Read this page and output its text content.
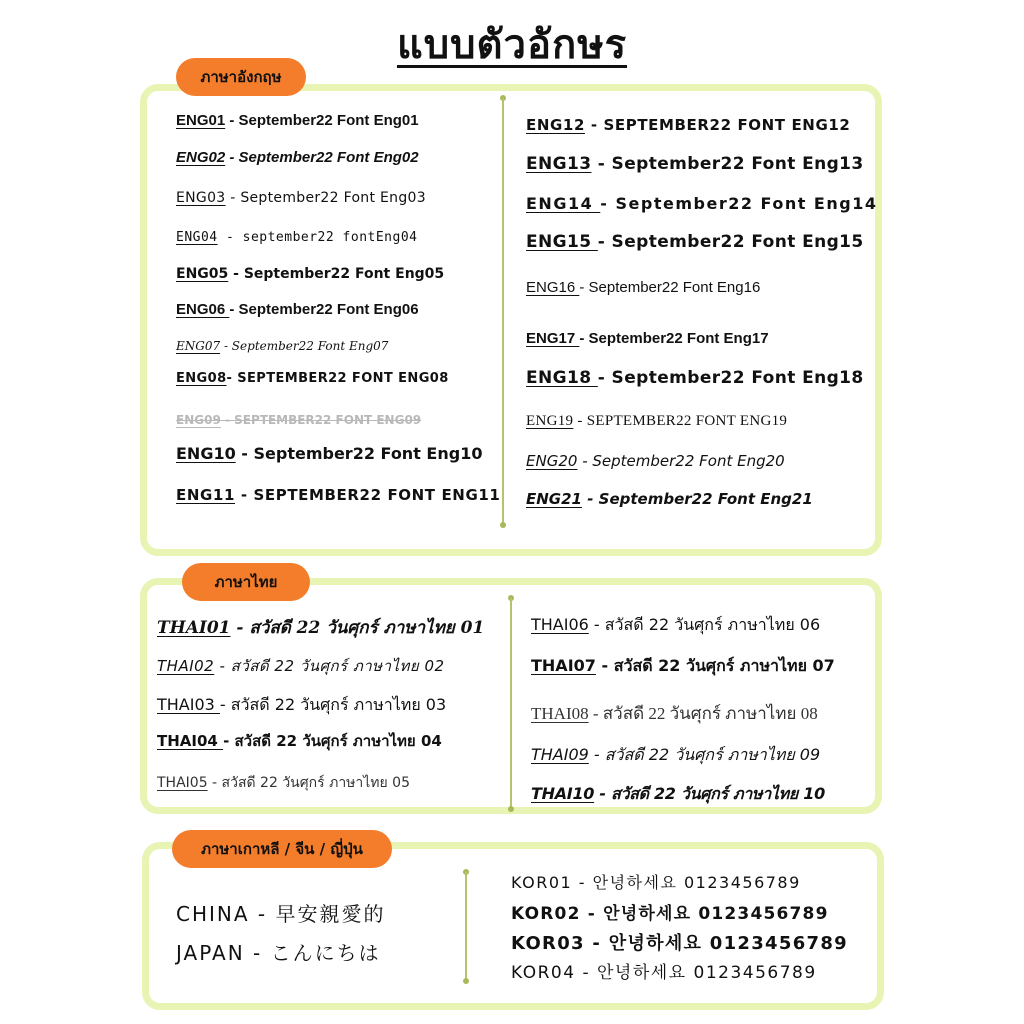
แบบตัวอักษร
ภาษาอังกฤษ
ENG01 - September22 Font Eng01
ENG02 - September22 Font Eng02
ENG03 - September22 Font Eng03
ENG04 - september22 fontEng04
ENG05 - September22 Font Eng05
ENG06 - September22 Font Eng06
ENG07 - September22 Font Eng07
ENG08- SEPTEMBER22 FONT ENG08
ENG09 - SEPTEMBER22 FONT ENG09
ENG10 - September22 Font Eng10
ENG11 - SEPTEMBER22 FONT ENG11
ENG12 - SEPTEMBER22 FONT ENG12
ENG13 - September22 Font Eng13
ENG14 - September22 Font Eng14
ENG15 - September22 Font Eng15
ENG16 - September22 Font Eng16
ENG17 - September22 Font Eng17
ENG18 - September22 Font Eng18
ENG19 - SEPTEMBER22 FONT ENG19
ENG20 - September22 Font Eng20
ENG21 - September22 Font Eng21
ภาษาไทย
THAI01 - สวัสดี 22 วันศุกร์ ภาษาไทย 01
THAI02 - สวัสดี 22 วันศุกร์ ภาษาไทย 02
THAI03 - สวัสดี 22 วันศุกร์ ภาษาไทย 03
THAI04 - สวัสดี 22 วันศุกร์ ภาษาไทย 04
THAI05 - สวัสดี 22 วันศุกร์ ภาษาไทย 05
THAI06 - สวัสดี 22 วันศุกร์ ภาษาไทย 06
THAI07 - สวัสดี 22 วันศุกร์ ภาษาไทย 07
THAI08 - สวัสดี 22 วันศุกร์ ภาษาไทย 08
THAI09 - สวัสดี 22 วันศุกร์ ภาษาไทย 09
THAI10 - สวัสดี 22 วันศุกร์ ภาษาไทย 10
ภาษาเกาหลี / จีน / ญี่ปุ่น
CHINA - 早安親愛的
JAPAN - こんにちは
KOR01 - 안녕하세요 0123456789
KOR02 - 안녕하세요 0123456789
KOR03 - 안녕하세요 0123456789
KOR04 - 안녕하세요 0123456789
